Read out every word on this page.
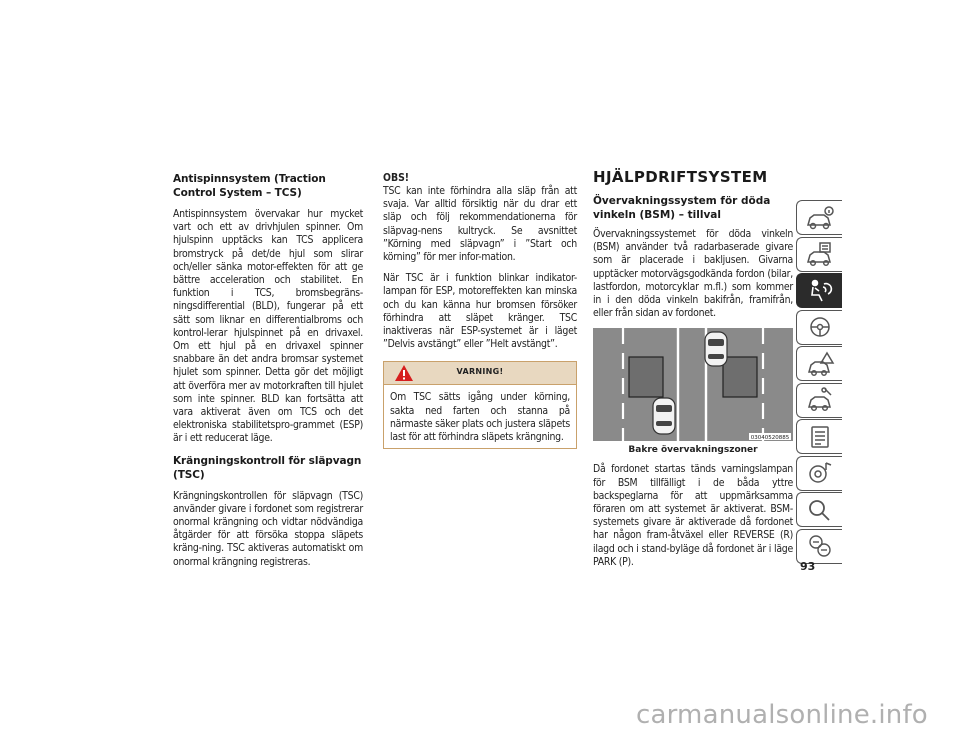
Antispinnsystem (Traction Control System – TCS)

Antispinnsystem övervakar hur mycket vart och ett av drivhjulen spinner. Om hjulspinn upptäcks kan TCS applicera bromstryck på det/de hjul som slirar och/eller sänka motor-effekten för att ge bättre acceleration och stabilitet. En funktion i TCS, bromsbegräns-ningsdifferential (BLD), fungerar på ett sätt som liknar en differentialbroms och kontrol-lerar hjulspinnet på en drivaxel. Om ett hjul på en drivaxel spinner snabbare än det andra bromsar systemet hjulet som spinner. Detta gör det möjligt att överföra mer av motorkraften till hjulet som inte spinner. BLD kan fortsätta att vara aktiverat även om TCS och det elektroniska stabilitetspro-grammet (ESP) är i ett reducerat läge.

Krängningskontroll för släpvagn (TSC)

Krängningskontrollen för släpvagn (TSC) använder givare i fordonet som registrerar onormal krängning och vidtar nödvändiga åtgärder för att försöka stoppa släpets kräng-ning. TSC aktiveras automatiskt om onormal krängning registreras.

OBS!

TSC kan inte förhindra alla släp från att svaja. Var alltid försiktig när du drar ett släp och följ rekommendationerna för släpvag-nens kultryck. Se avsnittet ”Körning med släpvagn” i ”Start och körning” för mer infor-mation.

När TSC är i funktion blinkar indikator-lampan för ESP, motoreffekten kan minska och du kan känna hur bromsen försöker förhindra att släpet kränger. TSC inaktiveras när ESP-systemet är i läget ”Delvis avstängt” eller ”Helt avstängt”.

VARNING!

Om TSC sätts igång under körning, sakta ned farten och stanna på närmaste säker plats och justera släpets last för att förhindra släpets krängning.

HJÄLPDRIFTSYSTEM
Övervakningssystem för döda vinkeln (BSM) – tillval

Övervakningssystemet för döda vinkeln (BSM) använder två radarbaserade givare som är placerade i bakljusen. Givarna upptäcker motorvägsgodkända fordon (bilar, lastfordon, motorcyklar m.fl.) som kommer in i den döda vinkeln bakifrån, framifrån, eller från sidan av fordonet.

03040520885
Bakre övervakningszoner

Då fordonet startas tänds varningslampan för BSM tillfälligt i de båda yttre backspeglarna för att uppmärksamma föraren om att systemet är aktiverat. BSM-systemets givare är aktiverade då fordonet har någon fram-åtväxel eller REVERSE (R) ilagd och i stand-byläge då fordonet är i läge PARK (P).	93
carmanualsonline.info
